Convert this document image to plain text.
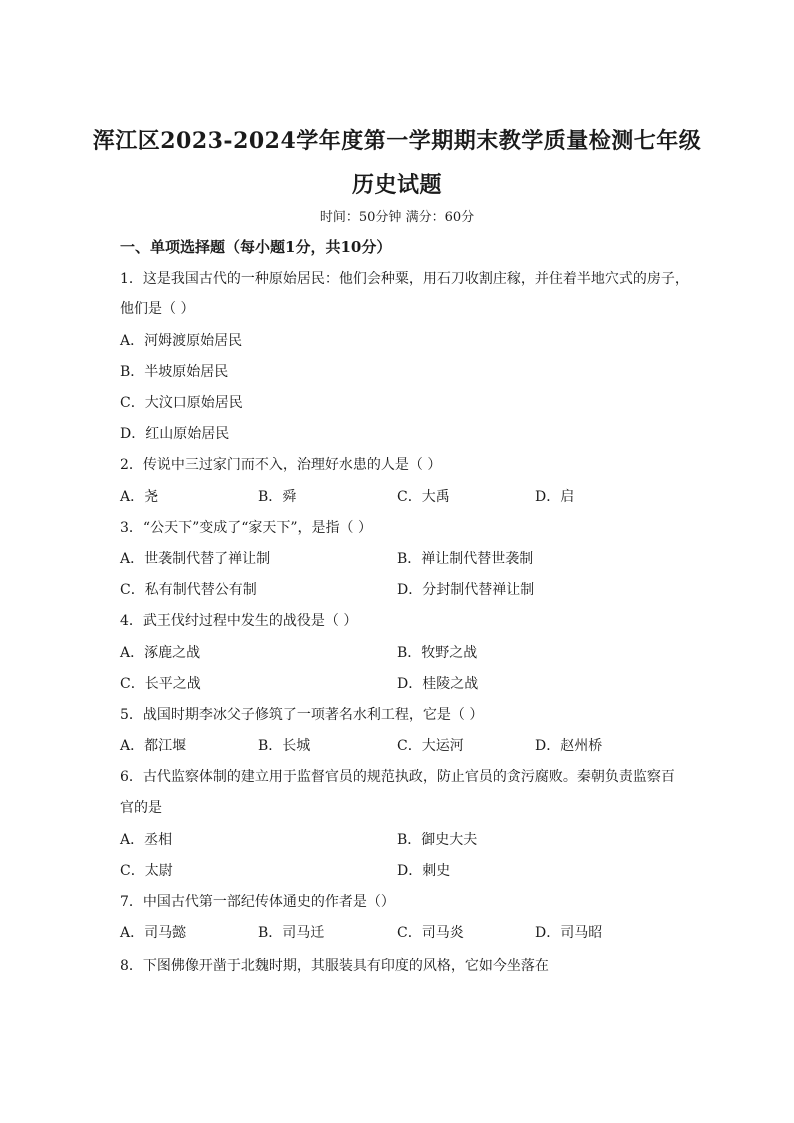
浑江区2023-2024学年度第一学期期末教学质量检测七年级
历史试题
时间：50分钟 满分：60分
一、单项选择题（每小题1分，共10分）
1．这是我国古代的一种原始居民：他们会种粟，用石刀收割庄稼，并住着半地穴式的房子，
他们是（ ）
A．河姆渡原始居民
B．半坡原始居民
C．大汶口原始居民
D．红山原始居民
2．传说中三过家门而不入，治理好水患的人是（ ）
A．尧	B．舜	C．大禹	D．启
3．“公天下”变成了“家天下”，是指（ ）
A．世袭制代替了禅让制	B．禅让制代替世袭制
C．私有制代替公有制	D．分封制代替禅让制
4．武王伐纣过程中发生的战役是（ ）
A．涿鹿之战	B．牧野之战
C．长平之战	D．桂陵之战
5．战国时期李冰父子修筑了一项著名水利工程，它是（ ）
A．都江堰	B．长城	C．大运河	D．赵州桥
6．古代监察体制的建立用于监督官员的规范执政，防止官员的贪污腐败。秦朝负责监察百
官的是
A．丞相	B．御史大夫
C．太尉	D．刺史
7．中国古代第一部纪传体通史的作者是（）
A．司马懿	B．司马迁	C．司马炎	D．司马昭
8．下图佛像开凿于北魏时期，其服装具有印度的风格，它如今坐落在
